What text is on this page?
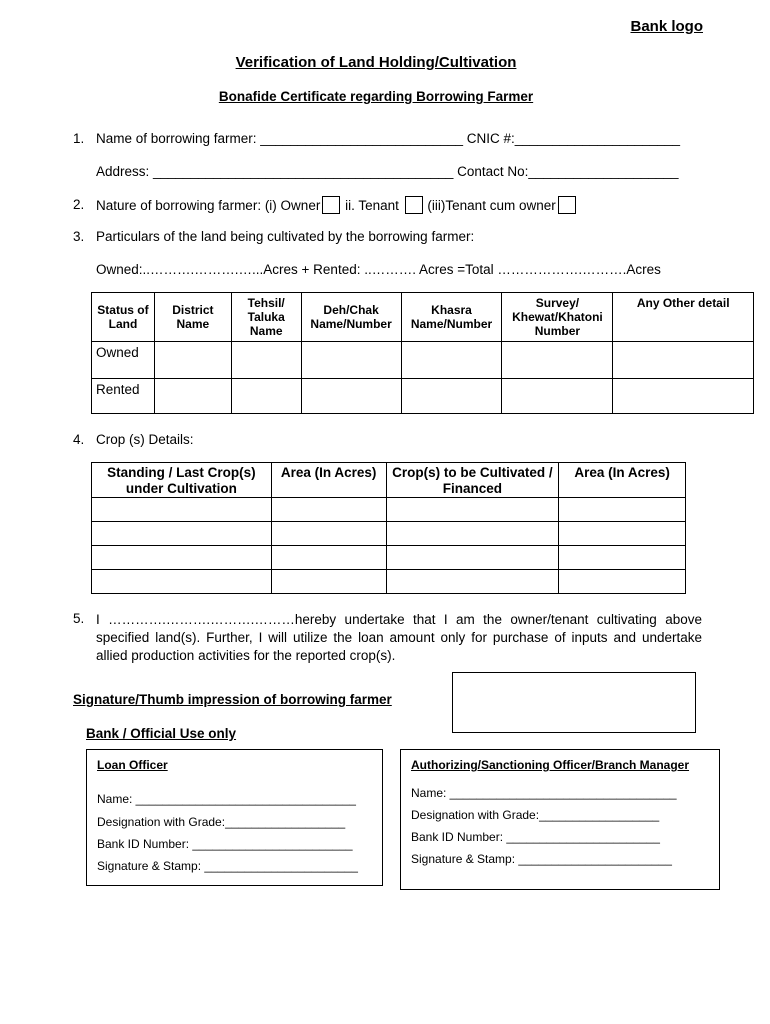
Bank logo
Verification of Land Holding/Cultivation
Bonafide Certificate regarding Borrowing Farmer
1. Name of borrowing farmer: ___________________________ CNIC #:______________________
Address: ________________________________________ Contact No:____________________
2. Nature of borrowing farmer: (i) Owner ii. Tenant (iii)Tenant cum owner
3. Particulars of the land being cultivated by the borrowing farmer:
Owned:..……….……….…...Acres + Rented: ..………. Acres =Total ……………….……….Acres
Status of Land	District Name	Tehsil/ Taluka Name	Deh/Chak Name/Number	Khasra Name/Number	Survey/ Khewat/Khatoni Number	Any Other detail
Owned						
Rented						
4. Crop (s) Details:
Standing / Last Crop(s) under Cultivation	Area (In Acres)	Crop(s) to be Cultivated / Financed	Area (In Acres)

5. I ………….……….……….………hereby undertake that I am the owner/tenant cultivating above specified land(s). Further, I will utilize the loan amount only for purchase of inputs and undertake allied production activities for the reported crop(s).
Signature/Thumb impression of borrowing farmer
Bank / Official Use only
Loan Officer
Name: _________________________________
Designation with Grade:__________________
Bank ID Number: ________________________
Signature & Stamp: _______________________
Authorizing/Sanctioning Officer/Branch Manager
Name: __________________________________
Designation with Grade:__________________
Bank ID Number: _______________________
Signature & Stamp: _______________________
